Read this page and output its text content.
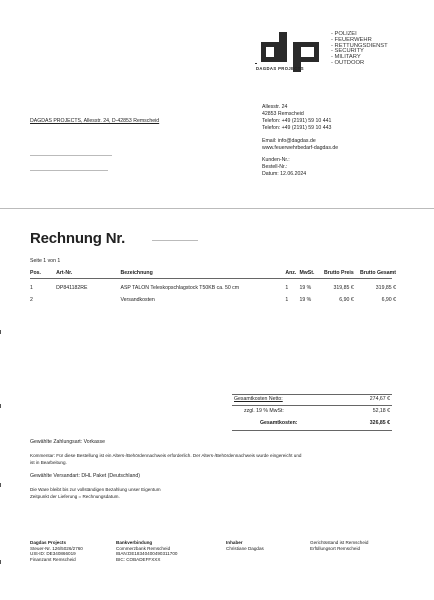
DAGDAS PROJECTS
- POLIZEI
- FEUERWEHR
- RETTUNGSDIENST
- SECURITY
- MILITARY
- OUTDOOR
DAGDAS PROJECTS, Allesstr. 24, D-42853 Remscheid
Allesstr. 24
42853 Remscheid
Telefon: +49 (2191) 59 10 441
Telefon: +49 (2191) 59 10 443
Email: info@dagdas.de
www.feuerwehrbedarf-dagdas.de
Kunden-Nr.:
Bestell-Nr.:
Datum: 12.06.2024
Rechnung Nr.
Seite 1 von 1
Pos.	Art-Nr.	Bezeichnung	Anz.	MwSt.	Brutto Preis	Brutto Gesamt
1	DP841182RE	ASP TALON Teleskopschlagstock T50KB ca. 50 cm	1	19 %	319,85 €	319,85 €
2		Versandkosten	1	19 %	6,90 €	6,90 €
Gesamtkosten Netto:	274,67 €
zzgl. 19 % MwSt:	52,18 €
Gesamtkosten:	326,85 €
Gewählte Zahlungsart: Vorkasse
Kommentar: Für diese Bestellung ist ein Alters-/Behördennachweis erforderlich. Der Alters-/Behördennachweis wurde eingereicht und
ist in Bearbeitung.
Gewählte Versandart: DHL Paket (Deutschland)
Die Ware bleibt bis zur vollständigen Bezahlung unser Eigentum
Zeitpunkt der Lieferung = Rechnungsdatum.
Dagdas Projects
Steuer-Nr. 126/5026/2760
USt-ID: DE340866019
Finanzamt Remscheid
Bankverbindung
Commerzbank Remscheid
IBAN:DE18340400490311700
BIC: COBADEFFXXX
Inhaber
Christiane Dagdas
Gerichtsstand ist Remscheid
Erfüllungsort Remscheid
